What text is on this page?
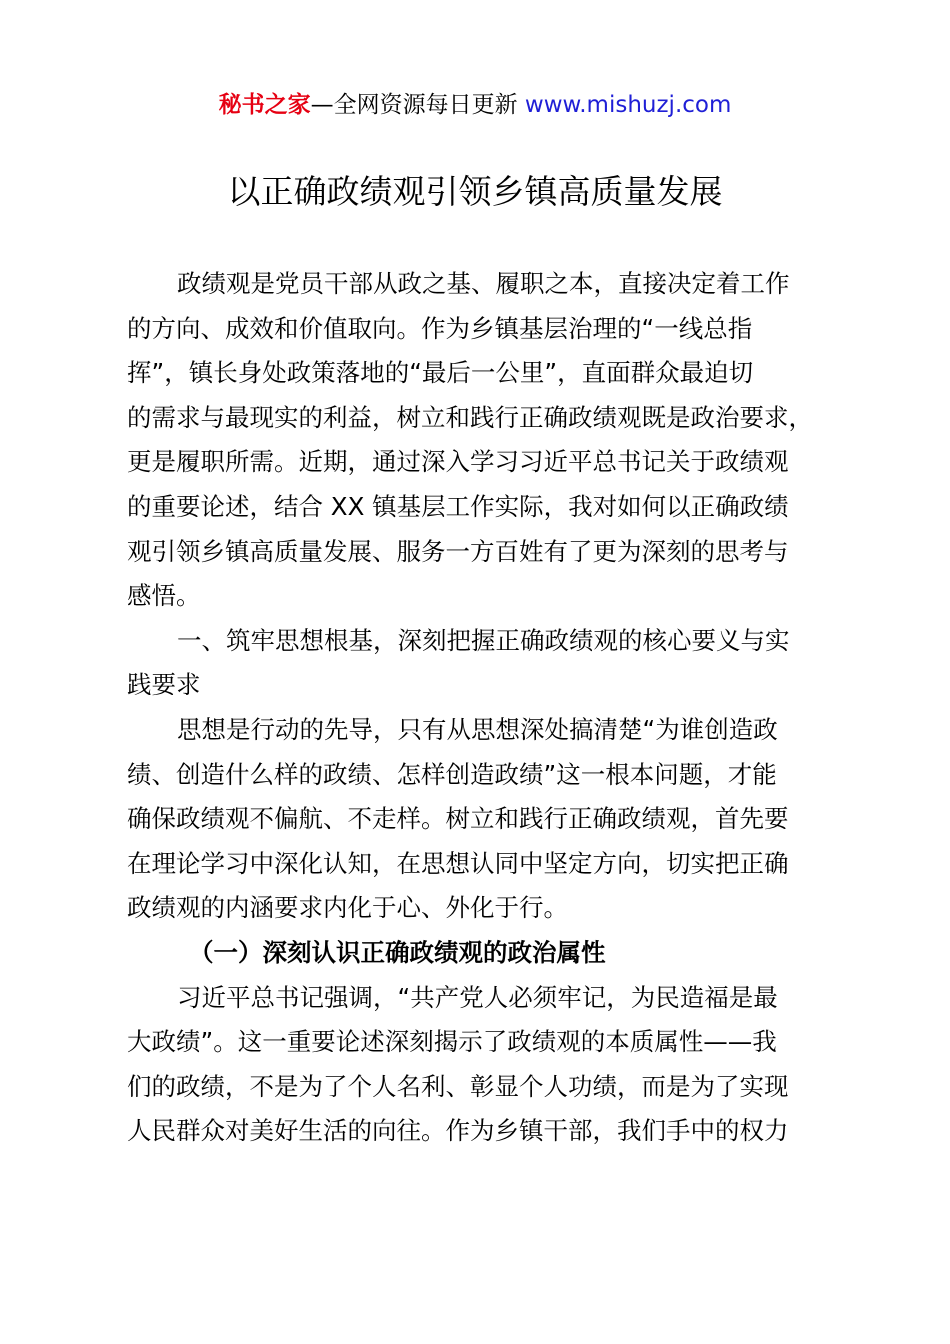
秘书之家—全网资源每日更新 www.mishuzj.com
以正确政绩观引领乡镇高质量发展
政绩观是党员干部从政之基、履职之本，直接决定着工作
的方向、成效和价值取向。作为乡镇基层治理的“一线总指
挥”，镇长身处政策落地的“最后一公里”，直面群众最迫切
的需求与最现实的利益，树立和践行正确政绩观既是政治要求，
更是履职所需。近期，通过深入学习习近平总书记关于政绩观
的重要论述，结合 XX 镇基层工作实际，我对如何以正确政绩
观引领乡镇高质量发展、服务一方百姓有了更为深刻的思考与
感悟。
一、筑牢思想根基，深刻把握正确政绩观的核心要义与实
践要求
思想是行动的先导，只有从思想深处搞清楚“为谁创造政
绩、创造什么样的政绩、怎样创造政绩”这一根本问题，才能
确保政绩观不偏航、不走样。树立和践行正确政绩观，首先要
在理论学习中深化认知，在思想认同中坚定方向，切实把正确
政绩观的内涵要求内化于心、外化于行。
（一）深刻认识正确政绩观的政治属性
习近平总书记强调，“共产党人必须牢记，为民造福是最
大政绩”。这一重要论述深刻揭示了政绩观的本质属性——我
们的政绩，不是为了个人名利、彰显个人功绩，而是为了实现
人民群众对美好生活的向往。作为乡镇干部，我们手中的权力
